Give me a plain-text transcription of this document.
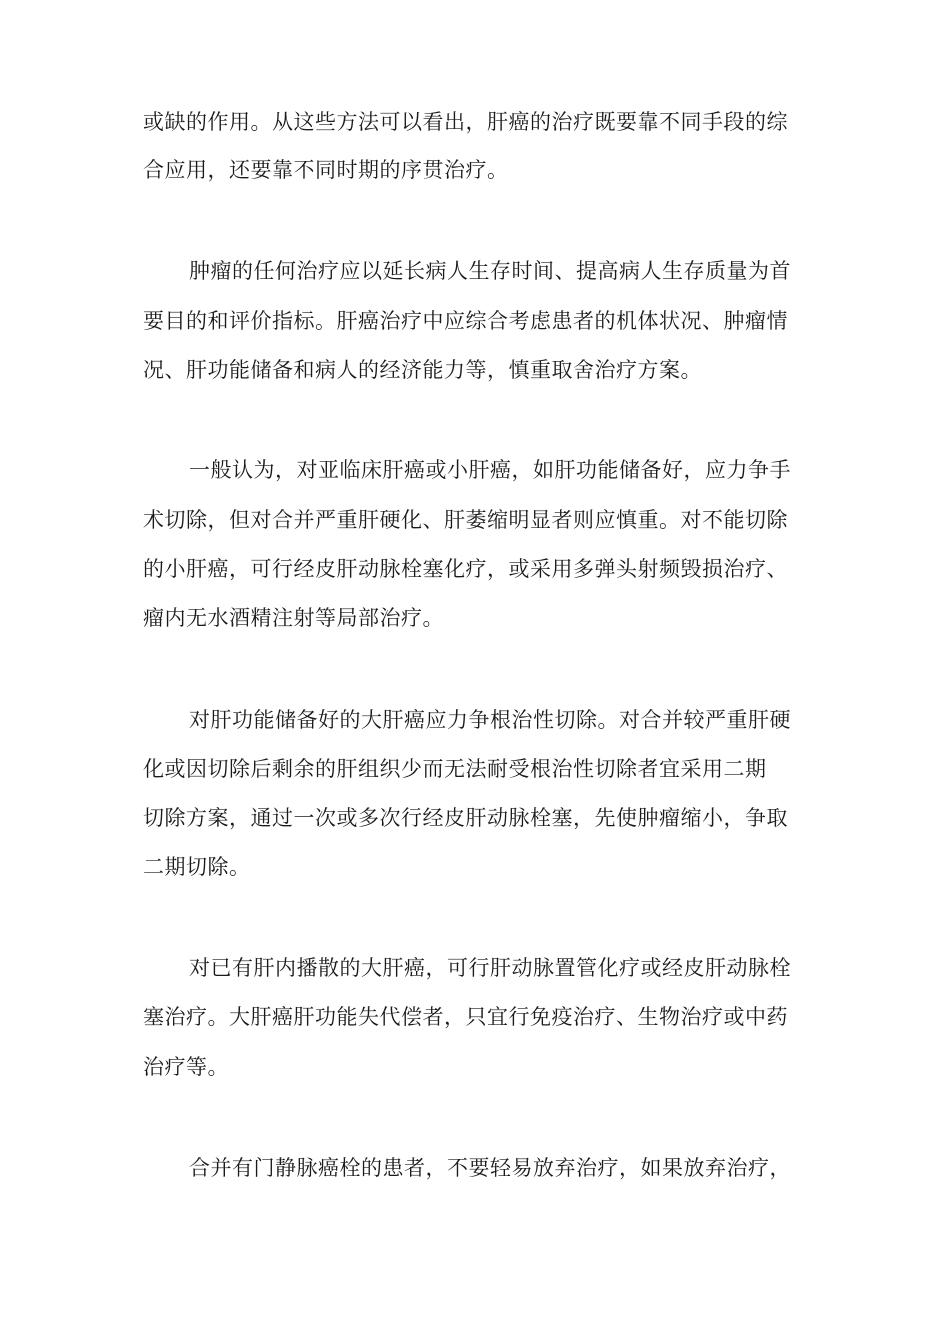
或缺的作用。从这些方法可以看出，肝癌的治疗既要靠不同手段的综
合应用，还要靠不同时期的序贯治疗。
肿瘤的任何治疗应以延长病人生存时间、提高病人生存质量为首
要目的和评价指标。肝癌治疗中应综合考虑患者的机体状况、肿瘤情
况、肝功能储备和病人的经济能力等，慎重取舍治疗方案。
一般认为，对亚临床肝癌或小肝癌，如肝功能储备好，应力争手
术切除，但对合并严重肝硬化、肝萎缩明显者则应慎重。对不能切除
的小肝癌，可行经皮肝动脉栓塞化疗，或采用多弹头射频毁损治疗、
瘤内无水酒精注射等局部治疗。
对肝功能储备好的大肝癌应力争根治性切除。对合并较严重肝硬
化或因切除后剩余的肝组织少而无法耐受根治性切除者宜采用二期
切除方案，通过一次或多次行经皮肝动脉栓塞，先使肿瘤缩小，争取
二期切除。
对已有肝内播散的大肝癌，可行肝动脉置管化疗或经皮肝动脉栓
塞治疗。大肝癌肝功能失代偿者，只宜行免疫治疗、生物治疗或中药
治疗等。
合并有门静脉癌栓的患者，不要轻易放弃治疗，如果放弃治疗，
